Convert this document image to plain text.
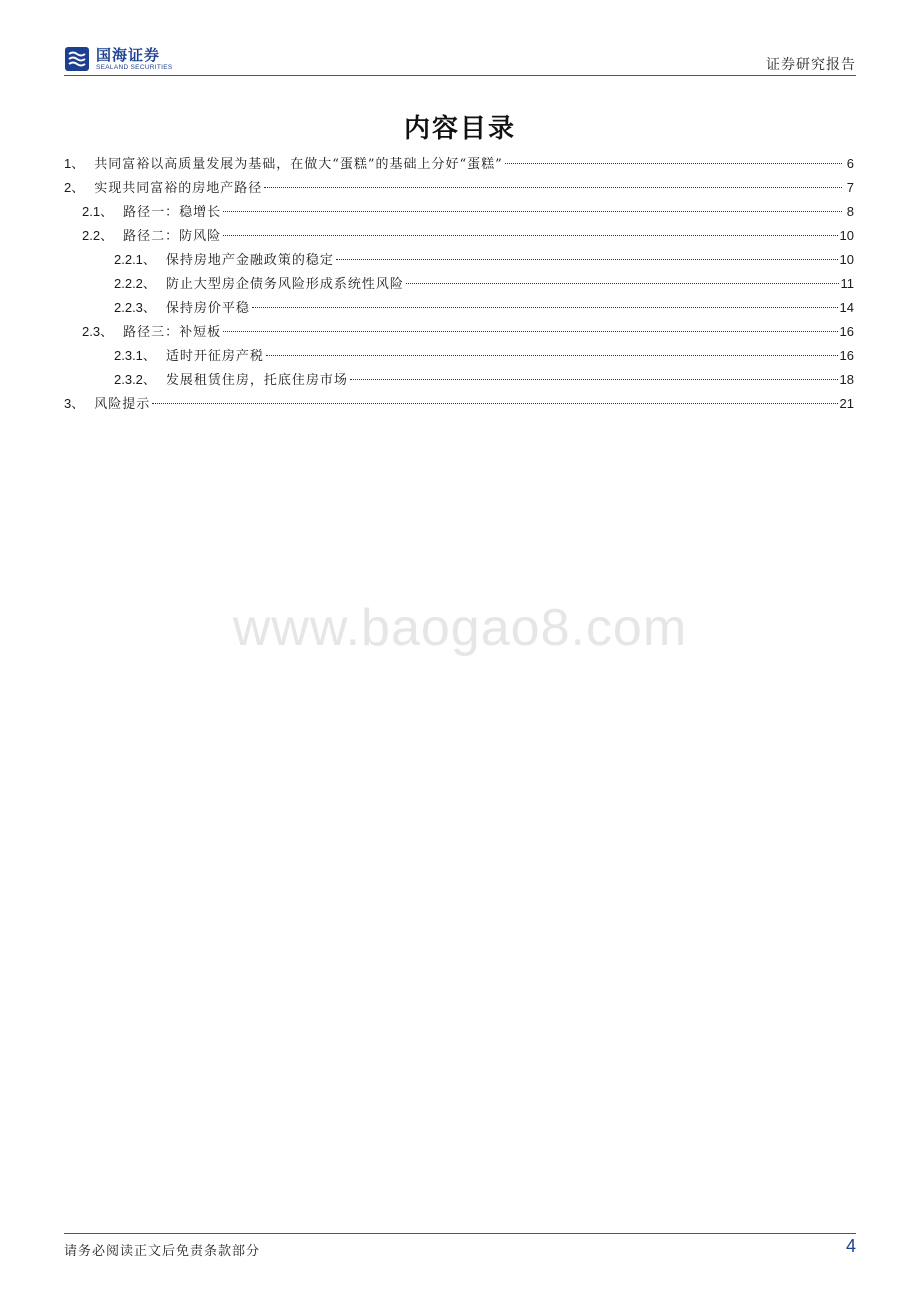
国海证券
SEALAND SECURITIES	证券研究报告
内容目录
1、 共同富裕以高质量发展为基础，在做大“蛋糕”的基础上分好“蛋糕”	6
2、 实现共同富裕的房地产路径	7
2.1、 路径一：稳增长	8
2.2、 路径二：防风险	10
2.2.1、 保持房地产金融政策的稳定	10
2.2.2、 防止大型房企债务风险形成系统性风险	11
2.2.3、 保持房价平稳	14
2.3、 路径三：补短板	16
2.3.1、 适时开征房产税	16
2.3.2、 发展租赁住房，托底住房市场	18
3、 风险提示	21
www.baogao8.com
请务必阅读正文后免责条款部分	4
